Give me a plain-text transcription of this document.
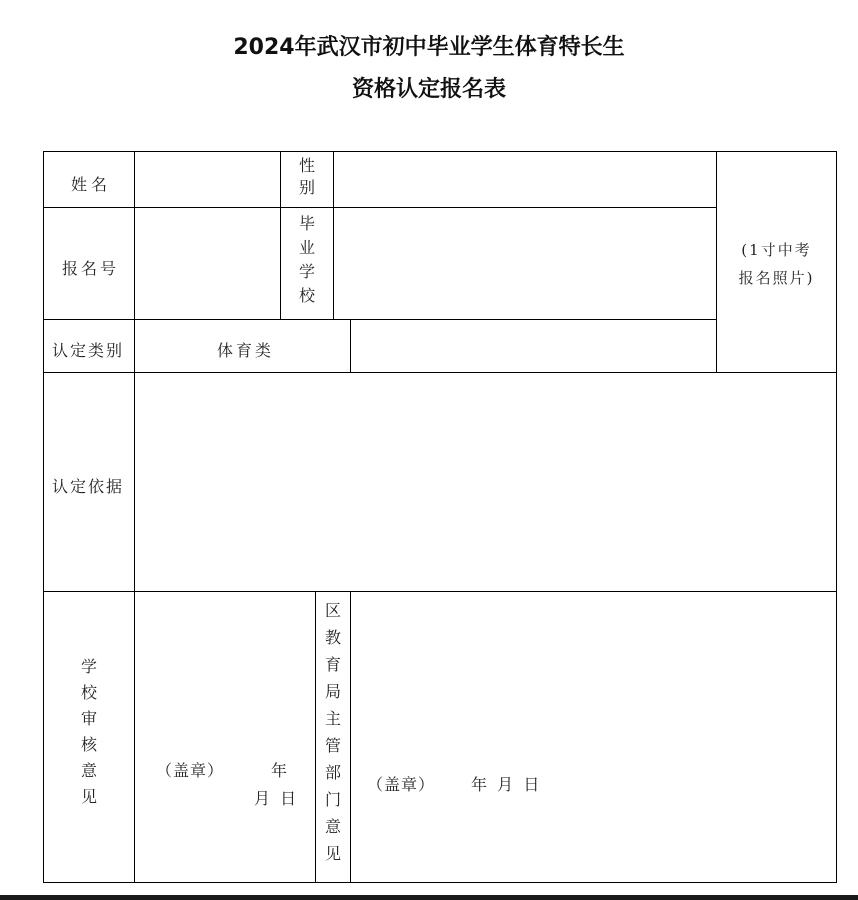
2024年武汉市初中毕业学生体育特长生
资格认定报名表
姓名
性
别
报名号
毕
业
学
校
(1寸中考
报名照片)
认定类别	体育类
认定依据
学
校
审
核
意
见
（盖章）	年
月  日
区
教
育
局
主
管
部
门
意
见
（盖章） 年  月  日
